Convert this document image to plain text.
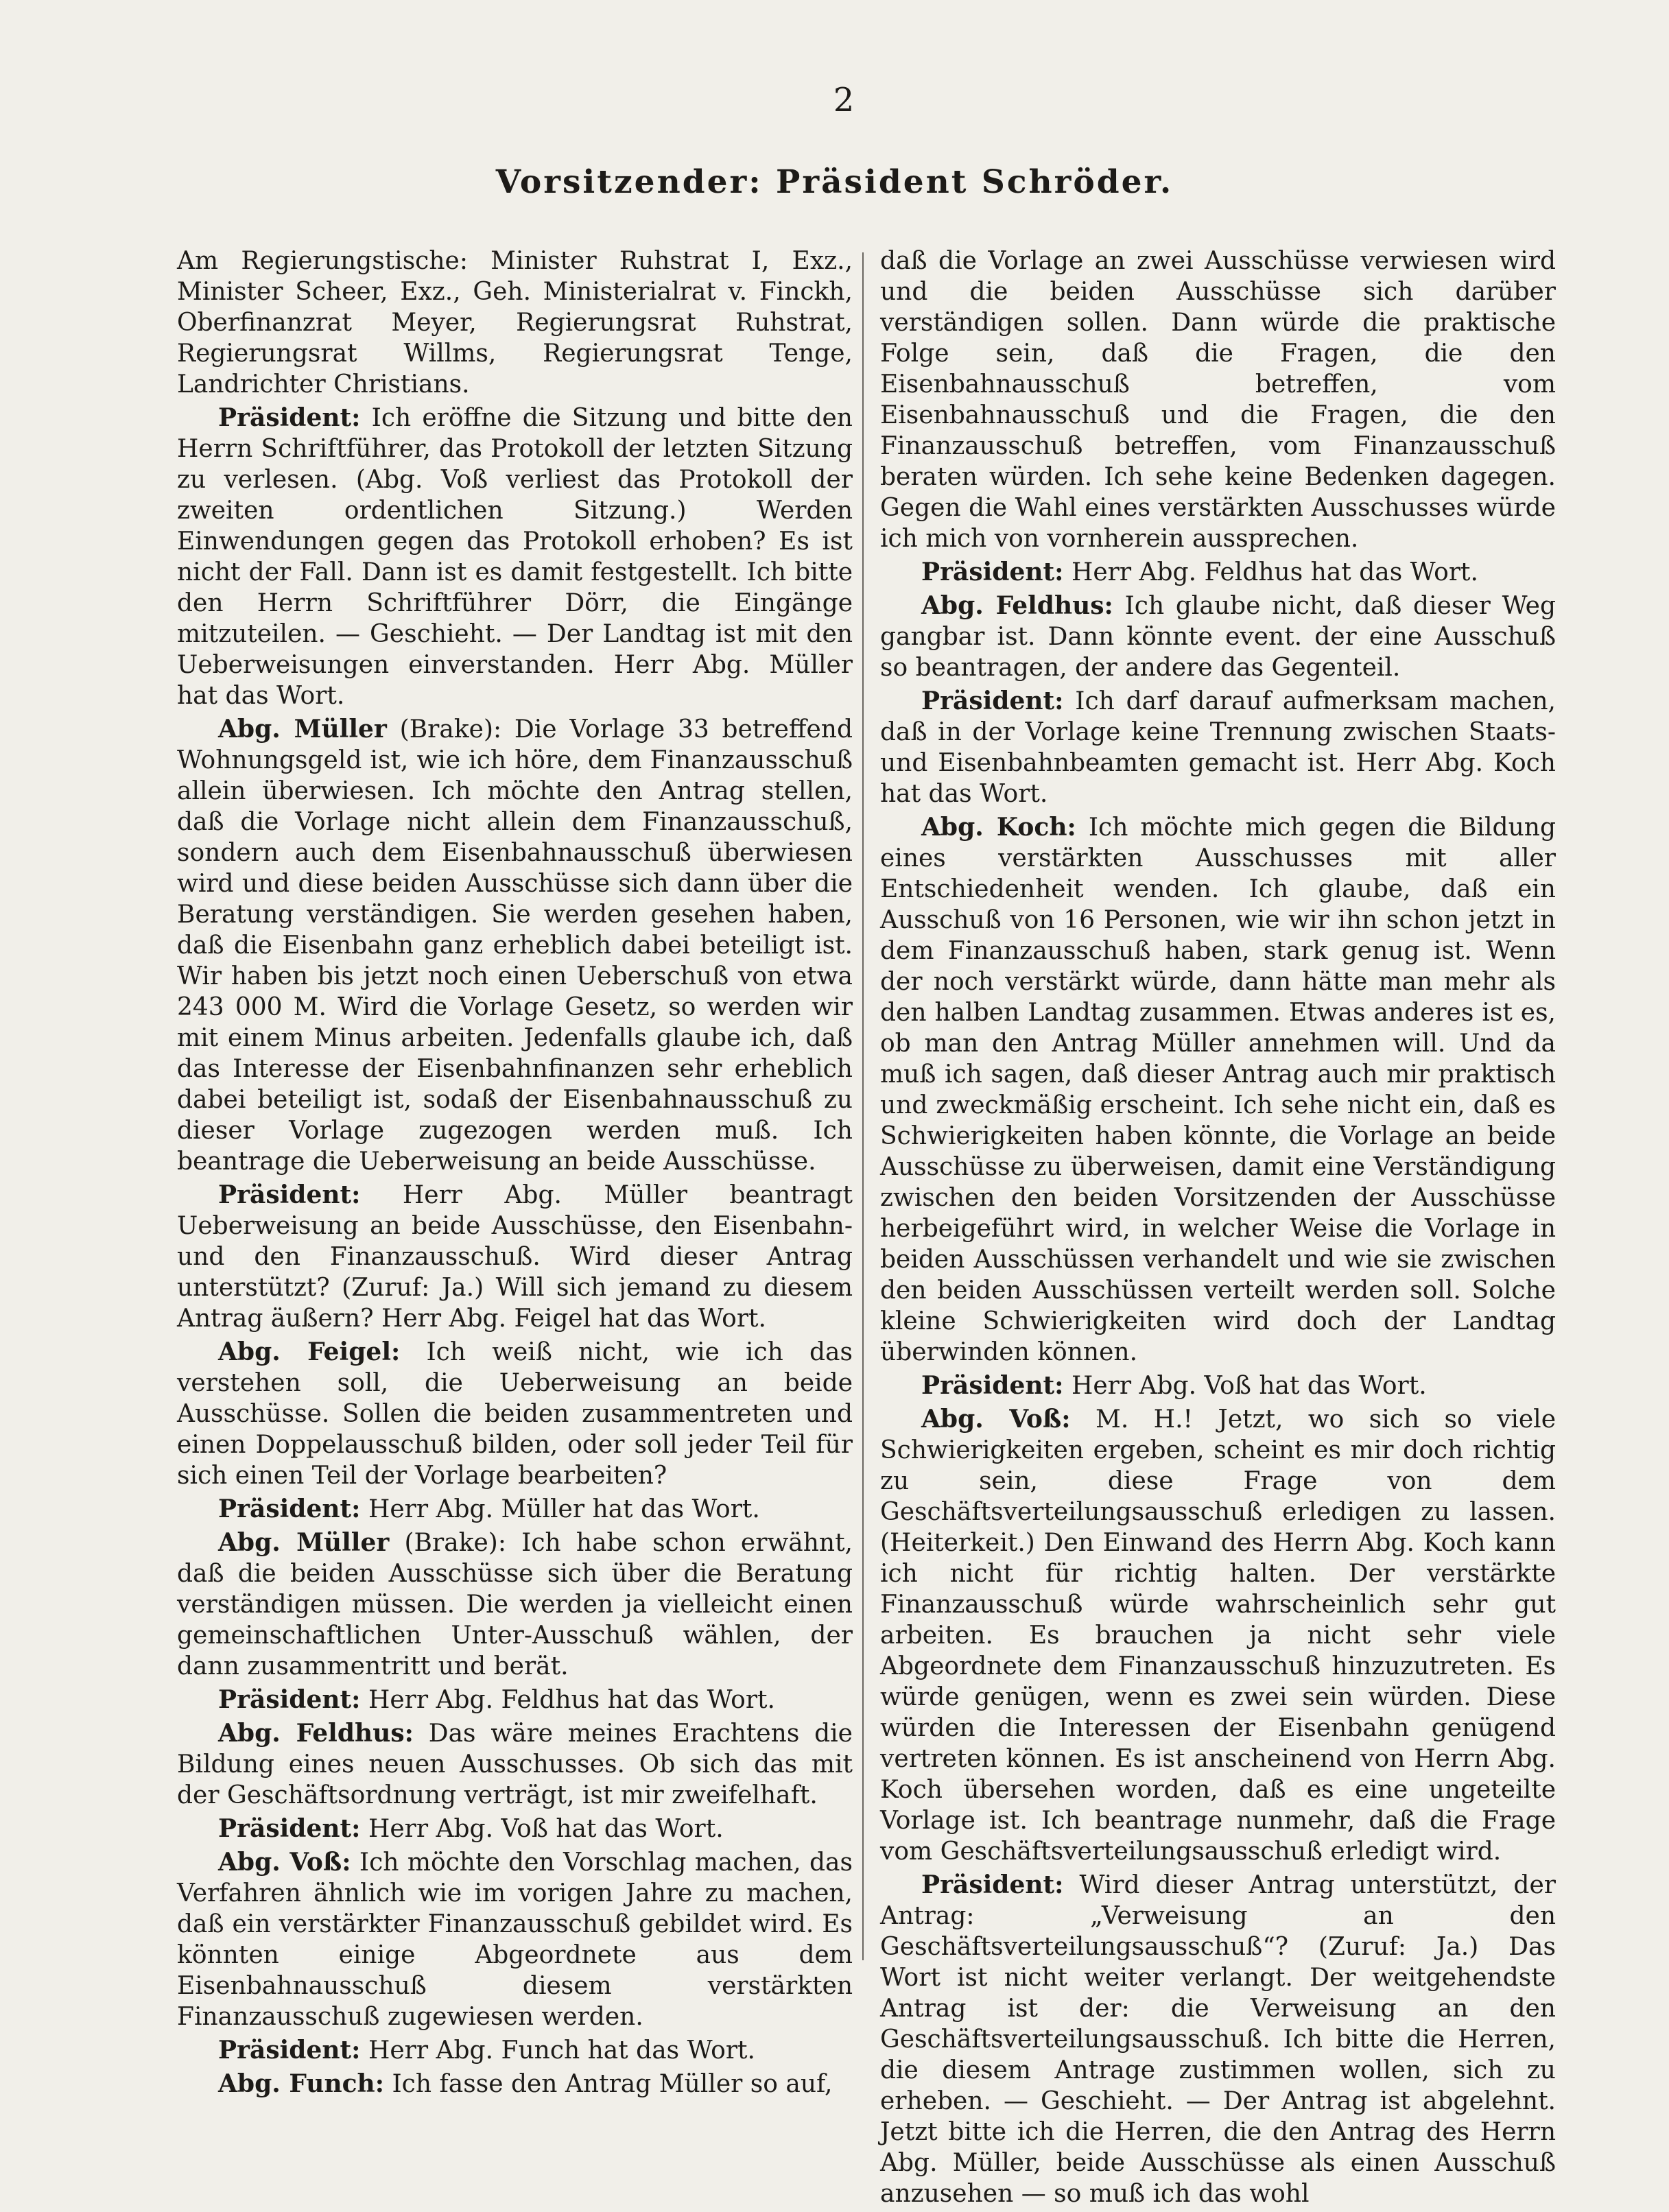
2
Vorsitzender: Präsident Schröder.

Am Regierungstische: Minister Ruhstrat I, Exz., Minister Scheer, Exz., Geh. Ministerialrat v. Finckh, Oberfinanzrat Meyer, Regierungsrat Ruhstrat, Regierungsrat Willms, Regierungsrat Tenge, Landrichter Christians.

Präsident: Ich eröffne die Sitzung und bitte den Herrn Schriftführer, das Protokoll der letzten Sitzung zu verlesen. (Abg. Voß verliest das Protokoll der zweiten ordentlichen Sitzung.) Werden Einwendungen gegen das Protokoll erhoben? Es ist nicht der Fall. Dann ist es damit festgestellt. Ich bitte den Herrn Schriftführer Dörr, die Eingänge mitzuteilen. — Geschieht. — Der Landtag ist mit den Ueberweisungen einverstanden. Herr Abg. Müller hat das Wort.

Abg. Müller (Brake): Die Vorlage 33 betreffend Wohnungsgeld ist, wie ich höre, dem Finanzausschuß allein überwiesen. Ich möchte den Antrag stellen, daß die Vorlage nicht allein dem Finanzausschuß, sondern auch dem Eisenbahnausschuß überwiesen wird und diese beiden Ausschüsse sich dann über die Beratung verständigen. Sie werden gesehen haben, daß die Eisenbahn ganz erheblich dabei beteiligt ist. Wir haben bis jetzt noch einen Ueberschuß von etwa 243 000 M. Wird die Vorlage Gesetz, so werden wir mit einem Minus arbeiten. Jedenfalls glaube ich, daß das Interesse der Eisenbahnfinanzen sehr erheblich dabei beteiligt ist, sodaß der Eisenbahnausschuß zu dieser Vorlage zugezogen werden muß. Ich beantrage die Ueberweisung an beide Ausschüsse.

Präsident: Herr Abg. Müller beantragt Ueberweisung an beide Ausschüsse, den Eisenbahn- und den Finanzausschuß. Wird dieser Antrag unterstützt? (Zuruf: Ja.) Will sich jemand zu diesem Antrag äußern? Herr Abg. Feigel hat das Wort.

Abg. Feigel: Ich weiß nicht, wie ich das verstehen soll, die Ueberweisung an beide Ausschüsse. Sollen die beiden zusammentreten und einen Doppelausschuß bilden, oder soll jeder Teil für sich einen Teil der Vorlage bearbeiten?

Präsident: Herr Abg. Müller hat das Wort.

Abg. Müller (Brake): Ich habe schon erwähnt, daß die beiden Ausschüsse sich über die Beratung verständigen müssen. Die werden ja vielleicht einen gemeinschaftlichen Unter-Ausschuß wählen, der dann zusammentritt und berät.

Präsident: Herr Abg. Feldhus hat das Wort.

Abg. Feldhus: Das wäre meines Erachtens die Bildung eines neuen Ausschusses. Ob sich das mit der Geschäftsordnung verträgt, ist mir zweifelhaft.

Präsident: Herr Abg. Voß hat das Wort.

Abg. Voß: Ich möchte den Vorschlag machen, das Verfahren ähnlich wie im vorigen Jahre zu machen, daß ein verstärkter Finanzausschuß gebildet wird. Es könnten einige Abgeordnete aus dem Eisenbahnausschuß diesem verstärkten Finanzausschuß zugewiesen werden.

Präsident: Herr Abg. Funch hat das Wort.

Abg. Funch: Ich fasse den Antrag Müller so auf,

daß die Vorlage an zwei Ausschüsse verwiesen wird und die beiden Ausschüsse sich darüber verständigen sollen. Dann würde die praktische Folge sein, daß die Fragen, die den Eisenbahnausschuß betreffen, vom Eisenbahnausschuß und die Fragen, die den Finanzausschuß betreffen, vom Finanzausschuß beraten würden. Ich sehe keine Bedenken dagegen. Gegen die Wahl eines verstärkten Ausschusses würde ich mich von vornherein aussprechen.

Präsident: Herr Abg. Feldhus hat das Wort.

Abg. Feldhus: Ich glaube nicht, daß dieser Weg gangbar ist. Dann könnte event. der eine Ausschuß so beantragen, der andere das Gegenteil.

Präsident: Ich darf darauf aufmerksam machen, daß in der Vorlage keine Trennung zwischen Staats- und Eisenbahnbeamten gemacht ist. Herr Abg. Koch hat das Wort.

Abg. Koch: Ich möchte mich gegen die Bildung eines verstärkten Ausschusses mit aller Entschiedenheit wenden. Ich glaube, daß ein Ausschuß von 16 Personen, wie wir ihn schon jetzt in dem Finanzausschuß haben, stark genug ist. Wenn der noch verstärkt würde, dann hätte man mehr als den halben Landtag zusammen. Etwas anderes ist es, ob man den Antrag Müller annehmen will. Und da muß ich sagen, daß dieser Antrag auch mir praktisch und zweckmäßig erscheint. Ich sehe nicht ein, daß es Schwierigkeiten haben könnte, die Vorlage an beide Ausschüsse zu überweisen, damit eine Verständigung zwischen den beiden Vorsitzenden der Ausschüsse herbeigeführt wird, in welcher Weise die Vorlage in beiden Ausschüssen verhandelt und wie sie zwischen den beiden Ausschüssen verteilt werden soll. Solche kleine Schwierigkeiten wird doch der Landtag überwinden können.

Präsident: Herr Abg. Voß hat das Wort.

Abg. Voß: M. H.! Jetzt, wo sich so viele Schwierigkeiten ergeben, scheint es mir doch richtig zu sein, diese Frage von dem Geschäftsverteilungsausschuß erledigen zu lassen. (Heiterkeit.) Den Einwand des Herrn Abg. Koch kann ich nicht für richtig halten. Der verstärkte Finanzausschuß würde wahrscheinlich sehr gut arbeiten. Es brauchen ja nicht sehr viele Abgeordnete dem Finanzausschuß hinzuzutreten. Es würde genügen, wenn es zwei sein würden. Diese würden die Interessen der Eisenbahn genügend vertreten können. Es ist anscheinend von Herrn Abg. Koch übersehen worden, daß es eine ungeteilte Vorlage ist. Ich beantrage nunmehr, daß die Frage vom Geschäftsverteilungsausschuß erledigt wird.

Präsident: Wird dieser Antrag unterstützt, der Antrag: „Verweisung an den Geschäftsverteilungsausschuß“? (Zuruf: Ja.) Das Wort ist nicht weiter verlangt. Der weitgehendste Antrag ist der: die Verweisung an den Geschäftsverteilungsausschuß. Ich bitte die Herren, die diesem Antrage zustimmen wollen, sich zu erheben. — Geschieht. — Der Antrag ist abgelehnt. Jetzt bitte ich die Herren, die den Antrag des Herrn Abg. Müller, beide Ausschüsse als einen Ausschuß anzusehen — so muß ich das wohl
